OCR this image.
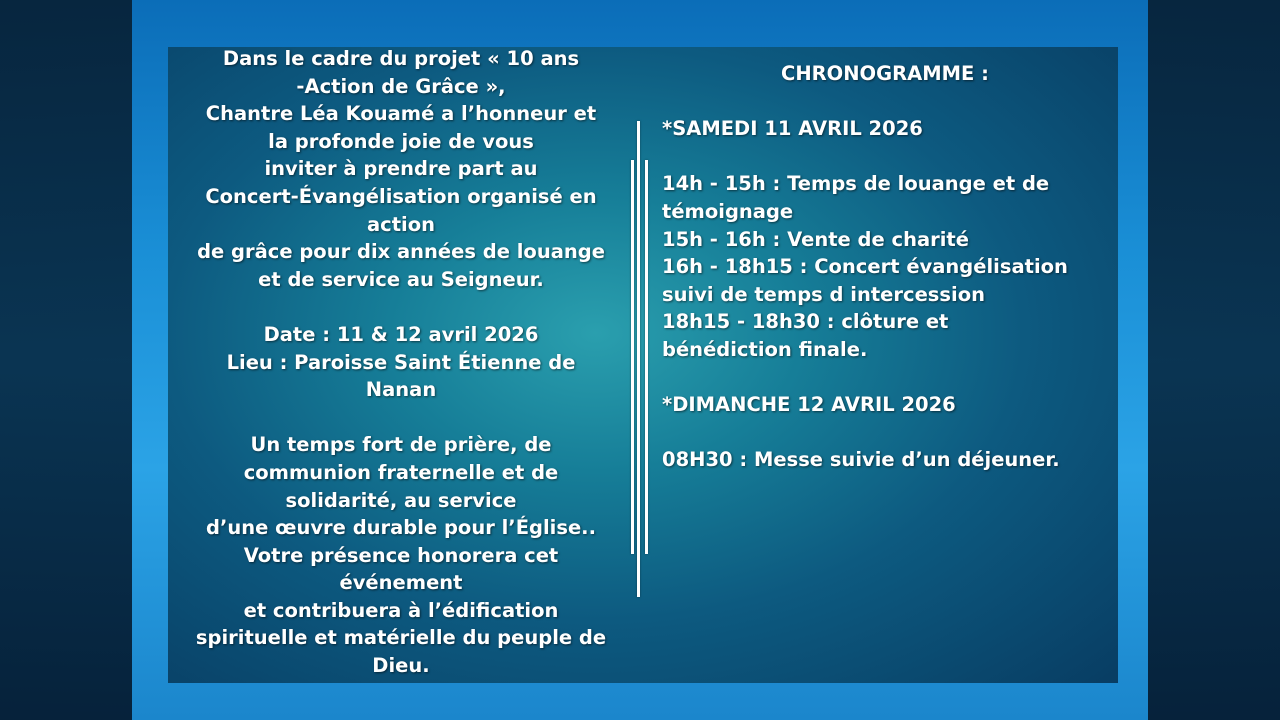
Dans le cadre du projet « 10 ans
-Action de Grâce »,
Chantre Léa Kouamé a l’honneur et
la profonde joie de vous
inviter à prendre part au
Concert-Évangélisation organisé en
action
de grâce pour dix années de louange
et de service au Seigneur.
Date : 11 & 12 avril 2026
Lieu : Paroisse Saint Étienne de
Nanan
Un temps fort de prière, de
communion fraternelle et de
solidarité, au service
d’une œuvre durable pour l’Église..
Votre présence honorera cet
événement
et contribuera à l’édification
spirituelle et matérielle du peuple de
Dieu.
CHRONOGRAMME :
*SAMEDI 11 AVRIL 2026
14h - 15h : Temps de louange et de
témoignage
15h - 16h : Vente de charité
16h - 18h15 : Concert évangélisation
suivi de temps d intercession
18h15 - 18h30 : clôture et
bénédiction finale.
*DIMANCHE 12 AVRIL 2026
08H30 : Messe suivie d’un déjeuner.
